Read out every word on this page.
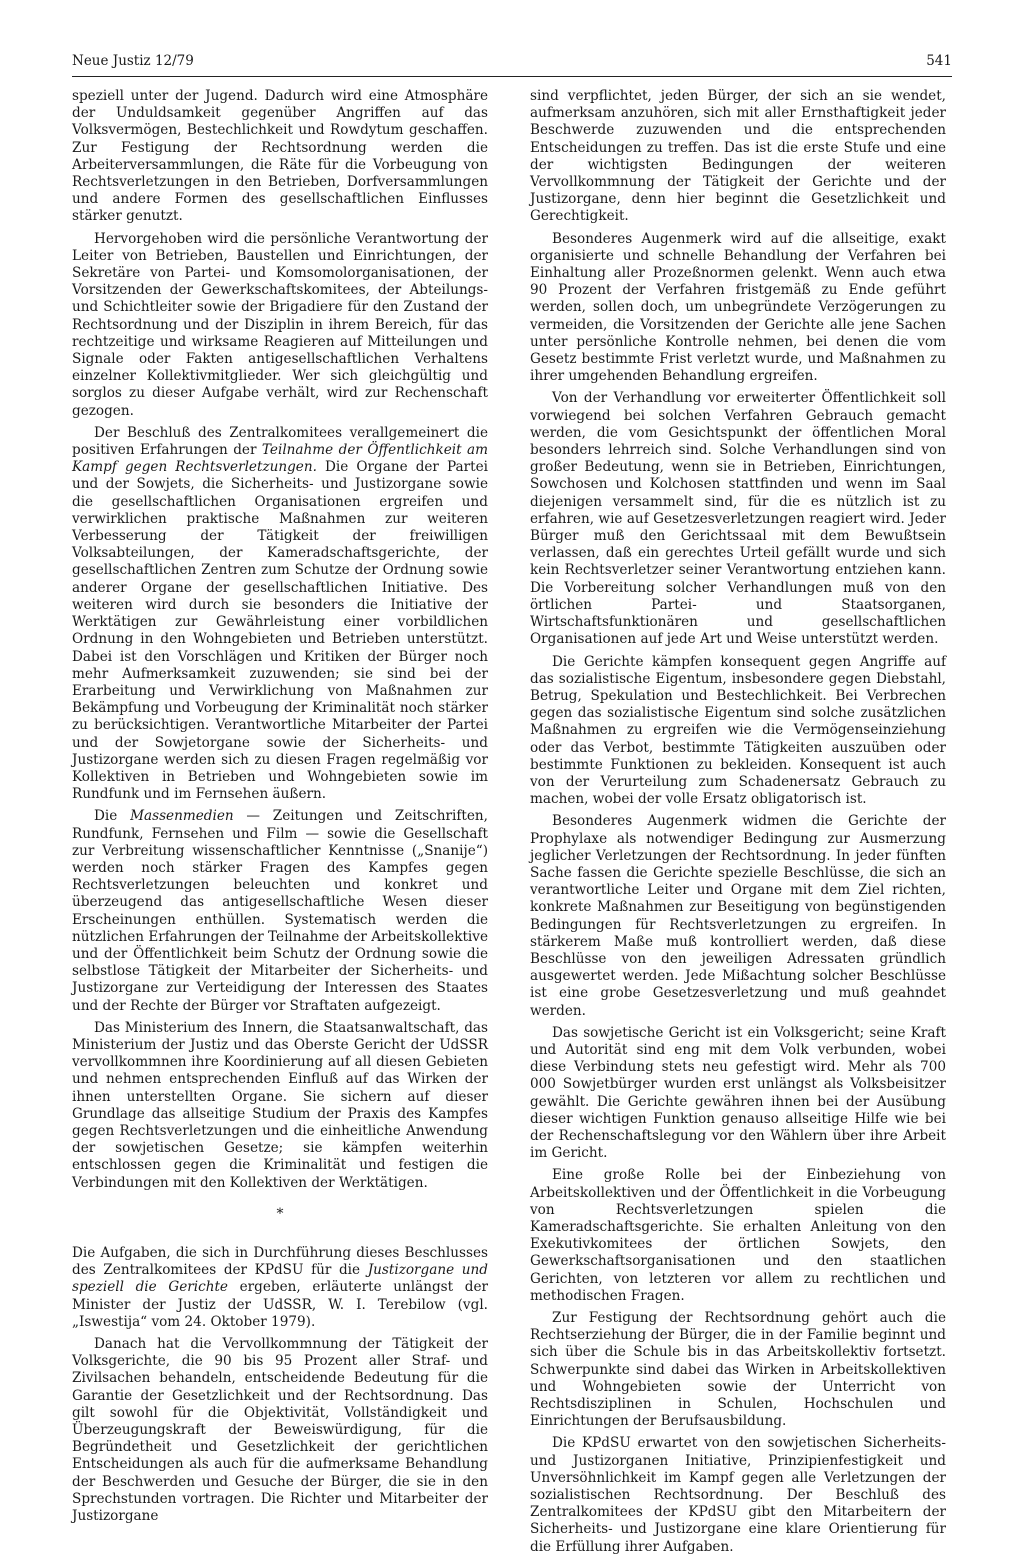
Neue Justiz 12/79	541

speziell unter der Jugend. Dadurch wird eine Atmosphäre der Unduldsamkeit gegenüber Angriffen auf das Volksvermögen, Bestechlichkeit und Rowdytum geschaffen. Zur Festigung der Rechtsordnung werden die Arbeiterversammlungen, die Räte für die Vorbeugung von Rechtsverletzungen in den Betrieben, Dorfversammlungen und andere Formen des gesellschaftlichen Einflusses stärker genutzt.

Hervorgehoben wird die persönliche Verantwortung der Leiter von Betrieben, Baustellen und Einrichtungen, der Sekretäre von Partei- und Komsomolorganisationen, der Vorsitzenden der Gewerkschaftskomitees, der Abteilungs- und Schichtleiter sowie der Brigadiere für den Zustand der Rechtsordnung und der Disziplin in ihrem Bereich, für das rechtzeitige und wirksame Reagieren auf Mitteilungen und Signale oder Fakten antigesellschaftlichen Verhaltens einzelner Kollektivmitglieder. Wer sich gleichgültig und sorglos zu dieser Aufgabe verhält, wird zur Rechenschaft gezogen.

Der Beschluß des Zentralkomitees verallgemeinert die positiven Erfahrungen der Teilnahme der Öffentlichkeit am Kampf gegen Rechtsverletzungen. Die Organe der Partei und der Sowjets, die Sicherheits- und Justizorgane sowie die gesellschaftlichen Organisationen ergreifen und verwirklichen praktische Maßnahmen zur weiteren Verbesserung der Tätigkeit der freiwilligen Volksabteilungen, der Kameradschaftsgerichte, der gesellschaftlichen Zentren zum Schutze der Ordnung sowie anderer Organe der gesellschaftlichen Initiative. Des weiteren wird durch sie besonders die Initiative der Werktätigen zur Gewährleistung einer vorbildlichen Ordnung in den Wohngebieten und Betrieben unterstützt. Dabei ist den Vorschlägen und Kritiken der Bürger noch mehr Aufmerksamkeit zuzuwenden; sie sind bei der Erarbeitung und Verwirklichung von Maßnahmen zur Bekämpfung und Vorbeugung der Kriminalität noch stärker zu berücksichtigen. Verantwortliche Mitarbeiter der Partei und der Sowjetorgane sowie der Sicherheits- und Justizorgane werden sich zu diesen Fragen regelmäßig vor Kollektiven in Betrieben und Wohngebieten sowie im Rundfunk und im Fernsehen äußern.

Die Massenmedien — Zeitungen und Zeitschriften, Rundfunk, Fernsehen und Film — sowie die Gesellschaft zur Verbreitung wissenschaftlicher Kenntnisse („Snanije“) werden noch stärker Fragen des Kampfes gegen Rechtsverletzungen beleuchten und konkret und überzeugend das antigesellschaftliche Wesen dieser Erscheinungen enthüllen. Systematisch werden die nützlichen Erfahrungen der Teilnahme der Arbeitskollektive und der Öffentlichkeit beim Schutz der Ordnung sowie die selbstlose Tätigkeit der Mitarbeiter der Sicherheits- und Justizorgane zur Verteidigung der Interessen des Staates und der Rechte der Bürger vor Straftaten aufgezeigt.

Das Ministerium des Innern, die Staatsanwaltschaft, das Ministerium der Justiz und das Oberste Gericht der UdSSR vervollkommnen ihre Koordinierung auf all diesen Gebieten und nehmen entsprechenden Einfluß auf das Wirken der ihnen unterstellten Organe. Sie sichern auf dieser Grundlage das allseitige Studium der Praxis des Kampfes gegen Rechtsverletzungen und die einheitliche Anwendung der sowjetischen Gesetze; sie kämpfen weiterhin entschlossen gegen die Kriminalität und festigen die Verbindungen mit den Kollektiven der Werktätigen.

*

Die Aufgaben, die sich in Durchführung dieses Beschlusses des Zentralkomitees der KPdSU für die Justizorgane und speziell die Gerichte ergeben, erläuterte unlängst der Minister der Justiz der UdSSR, W. I. Terebilow (vgl. „Iswestija“ vom 24. Oktober 1979).

Danach hat die Vervollkommnung der Tätigkeit der Volksgerichte, die 90 bis 95 Prozent aller Straf- und Zivilsachen behandeln, entscheidende Bedeutung für die Garantie der Gesetzlichkeit und der Rechtsordnung. Das gilt sowohl für die Objektivität, Vollständigkeit und Überzeugungskraft der Beweiswürdigung, für die Begründetheit und Gesetzlichkeit der gerichtlichen Entscheidungen als auch für die aufmerksame Behandlung der Beschwerden und Gesuche der Bürger, die sie in den Sprechstunden vortragen. Die Richter und Mitarbeiter der Justizorgane

sind verpflichtet, jeden Bürger, der sich an sie wendet, aufmerksam anzuhören, sich mit aller Ernsthaftigkeit jeder Beschwerde zuzuwenden und die entsprechenden Entscheidungen zu treffen. Das ist die erste Stufe und eine der wichtigsten Bedingungen der weiteren Vervollkommnung der Tätigkeit der Gerichte und der Justizorgane, denn hier beginnt die Gesetzlichkeit und Gerechtigkeit.

Besonderes Augenmerk wird auf die allseitige, exakt organisierte und schnelle Behandlung der Verfahren bei Einhaltung aller Prozeßnormen gelenkt. Wenn auch etwa 90 Prozent der Verfahren fristgemäß zu Ende geführt werden, sollen doch, um unbegründete Verzögerungen zu vermeiden, die Vorsitzenden der Gerichte alle jene Sachen unter persönliche Kontrolle nehmen, bei denen die vom Gesetz bestimmte Frist verletzt wurde, und Maßnahmen zu ihrer umgehenden Behandlung ergreifen.

Von der Verhandlung vor erweiterter Öffentlichkeit soll vorwiegend bei solchen Verfahren Gebrauch gemacht werden, die vom Gesichtspunkt der öffentlichen Moral besonders lehrreich sind. Solche Verhandlungen sind von großer Bedeutung, wenn sie in Betrieben, Einrichtungen, Sowchosen und Kolchosen stattfinden und wenn im Saal diejenigen versammelt sind, für die es nützlich ist zu erfahren, wie auf Gesetzesverletzungen reagiert wird. Jeder Bürger muß den Gerichtssaal mit dem Bewußtsein verlassen, daß ein gerechtes Urteil gefällt wurde und sich kein Rechtsverletzer seiner Verantwortung entziehen kann. Die Vorbereitung solcher Verhandlungen muß von den örtlichen Partei- und Staatsorganen, Wirtschaftsfunktionären und gesellschaftlichen Organisationen auf jede Art und Weise unterstützt werden.

Die Gerichte kämpfen konsequent gegen Angriffe auf das sozialistische Eigentum, insbesondere gegen Diebstahl, Betrug, Spekulation und Bestechlichkeit. Bei Verbrechen gegen das sozialistische Eigentum sind solche zusätzlichen Maßnahmen zu ergreifen wie die Vermögenseinziehung oder das Verbot, bestimmte Tätigkeiten auszuüben oder bestimmte Funktionen zu bekleiden. Konsequent ist auch von der Verurteilung zum Schadenersatz Gebrauch zu machen, wobei der volle Ersatz obligatorisch ist.

Besonderes Augenmerk widmen die Gerichte der Prophylaxe als notwendiger Bedingung zur Ausmerzung jeglicher Verletzungen der Rechtsordnung. In jeder fünften Sache fassen die Gerichte spezielle Beschlüsse, die sich an verantwortliche Leiter und Organe mit dem Ziel richten, konkrete Maßnahmen zur Beseitigung von begünstigenden Bedingungen für Rechtsverletzungen zu ergreifen. In stärkerem Maße muß kontrolliert werden, daß diese Beschlüsse von den jeweiligen Adressaten gründlich ausgewertet werden. Jede Mißachtung solcher Beschlüsse ist eine grobe Gesetzesverletzung und muß geahndet werden.

Das sowjetische Gericht ist ein Volksgericht; seine Kraft und Autorität sind eng mit dem Volk verbunden, wobei diese Verbindung stets neu gefestigt wird. Mehr als 700 000 Sowjetbürger wurden erst unlängst als Volksbeisitzer gewählt. Die Gerichte gewähren ihnen bei der Ausübung dieser wichtigen Funktion genauso allseitige Hilfe wie bei der Rechenschaftslegung vor den Wählern über ihre Arbeit im Gericht.

Eine große Rolle bei der Einbeziehung von Arbeitskollektiven und der Öffentlichkeit in die Vorbeugung von Rechtsverletzungen spielen die Kameradschaftsgerichte. Sie erhalten Anleitung von den Exekutivkomitees der örtlichen Sowjets, den Gewerkschaftsorganisationen und den staatlichen Gerichten, von letzteren vor allem zu rechtlichen und methodischen Fragen.

Zur Festigung der Rechtsordnung gehört auch die Rechtserziehung der Bürger, die in der Familie beginnt und sich über die Schule bis in das Arbeitskollektiv fortsetzt. Schwerpunkte sind dabei das Wirken in Arbeitskollektiven und Wohngebieten sowie der Unterricht von Rechtsdisziplinen in Schulen, Hochschulen und Einrichtungen der Berufsausbildung.

Die KPdSU erwartet von den sowjetischen Sicherheits- und Justizorganen Initiative, Prinzipienfestigkeit und Unversöhnlichkeit im Kampf gegen alle Verletzungen der sozialistischen Rechtsordnung. Der Beschluß des Zentralkomitees der KPdSU gibt den Mitarbeitern der Sicherheits- und Justizorgane eine klare Orientierung für die Erfüllung ihrer Aufgaben.
